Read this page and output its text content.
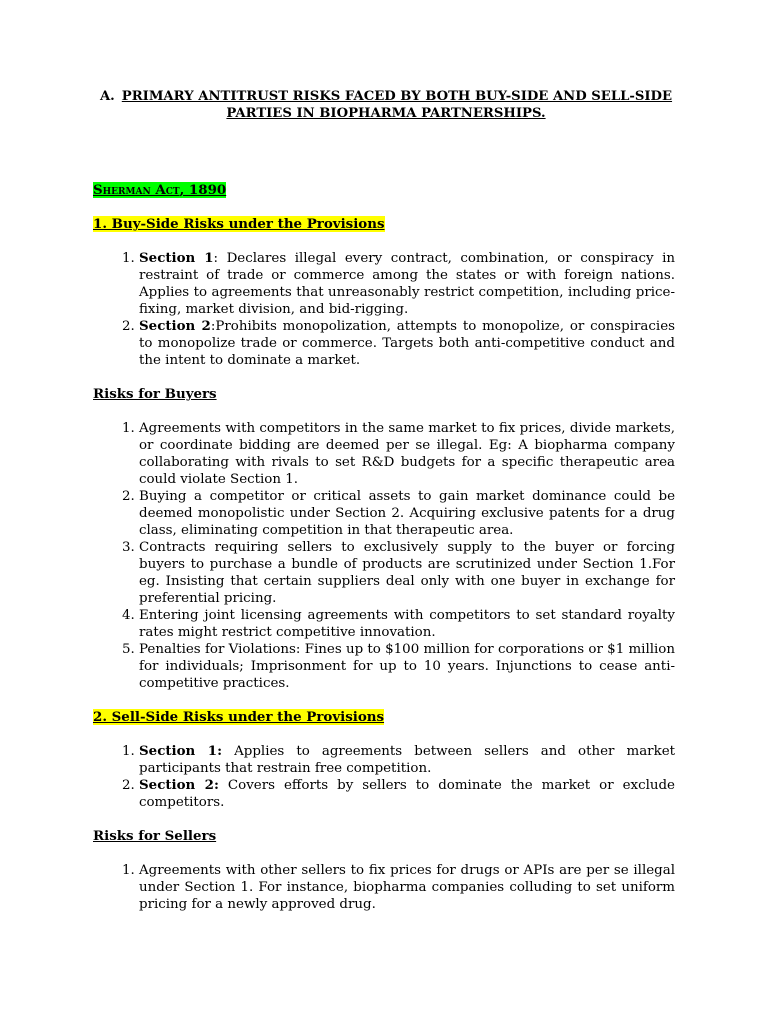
A. PRIMARY ANTITRUST RISKS FACED BY BOTH BUY-SIDE AND SELL-SIDE PARTIES IN BIOPHARMA PARTNERSHIPS.

Sherman Act, 1890
1. Buy-Side Risks under the Provisions
1. Section 1: Declares illegal every contract, combination, or conspiracy in restraint of trade or commerce among the states or with foreign nations. Applies to agreements that unreasonably restrict competition, including price-fixing, market division, and bid-rigging.
2. Section 2:Prohibits monopolization, attempts to monopolize, or conspiracies to monopolize trade or commerce. Targets both anti-competitive conduct and the intent to dominate a market.
Risks for Buyers
1. Agreements with competitors in the same market to fix prices, divide markets, or coordinate bidding are deemed per se illegal. Eg: A biopharma company collaborating with rivals to set R&D budgets for a specific therapeutic area could violate Section 1.
2. Buying a competitor or critical assets to gain market dominance could be deemed monopolistic under Section 2. Acquiring exclusive patents for a drug class, eliminating competition in that therapeutic area.
3. Contracts requiring sellers to exclusively supply to the buyer or forcing buyers to purchase a bundle of products are scrutinized under Section 1.For eg. Insisting that certain suppliers deal only with one buyer in exchange for preferential pricing.
4. Entering joint licensing agreements with competitors to set standard royalty rates might restrict competitive innovation.
5. Penalties for Violations: Fines up to $100 million for corporations or $1 million for individuals; Imprisonment for up to 10 years. Injunctions to cease anti-competitive practices.
2. Sell-Side Risks under the Provisions
1. Section 1: Applies to agreements between sellers and other market participants that restrain free competition.
2. Section 2: Covers efforts by sellers to dominate the market or exclude competitors.
Risks for Sellers
1. Agreements with other sellers to fix prices for drugs or APIs are per se illegal under Section 1. For instance, biopharma companies colluding to set uniform pricing for a newly approved drug.
